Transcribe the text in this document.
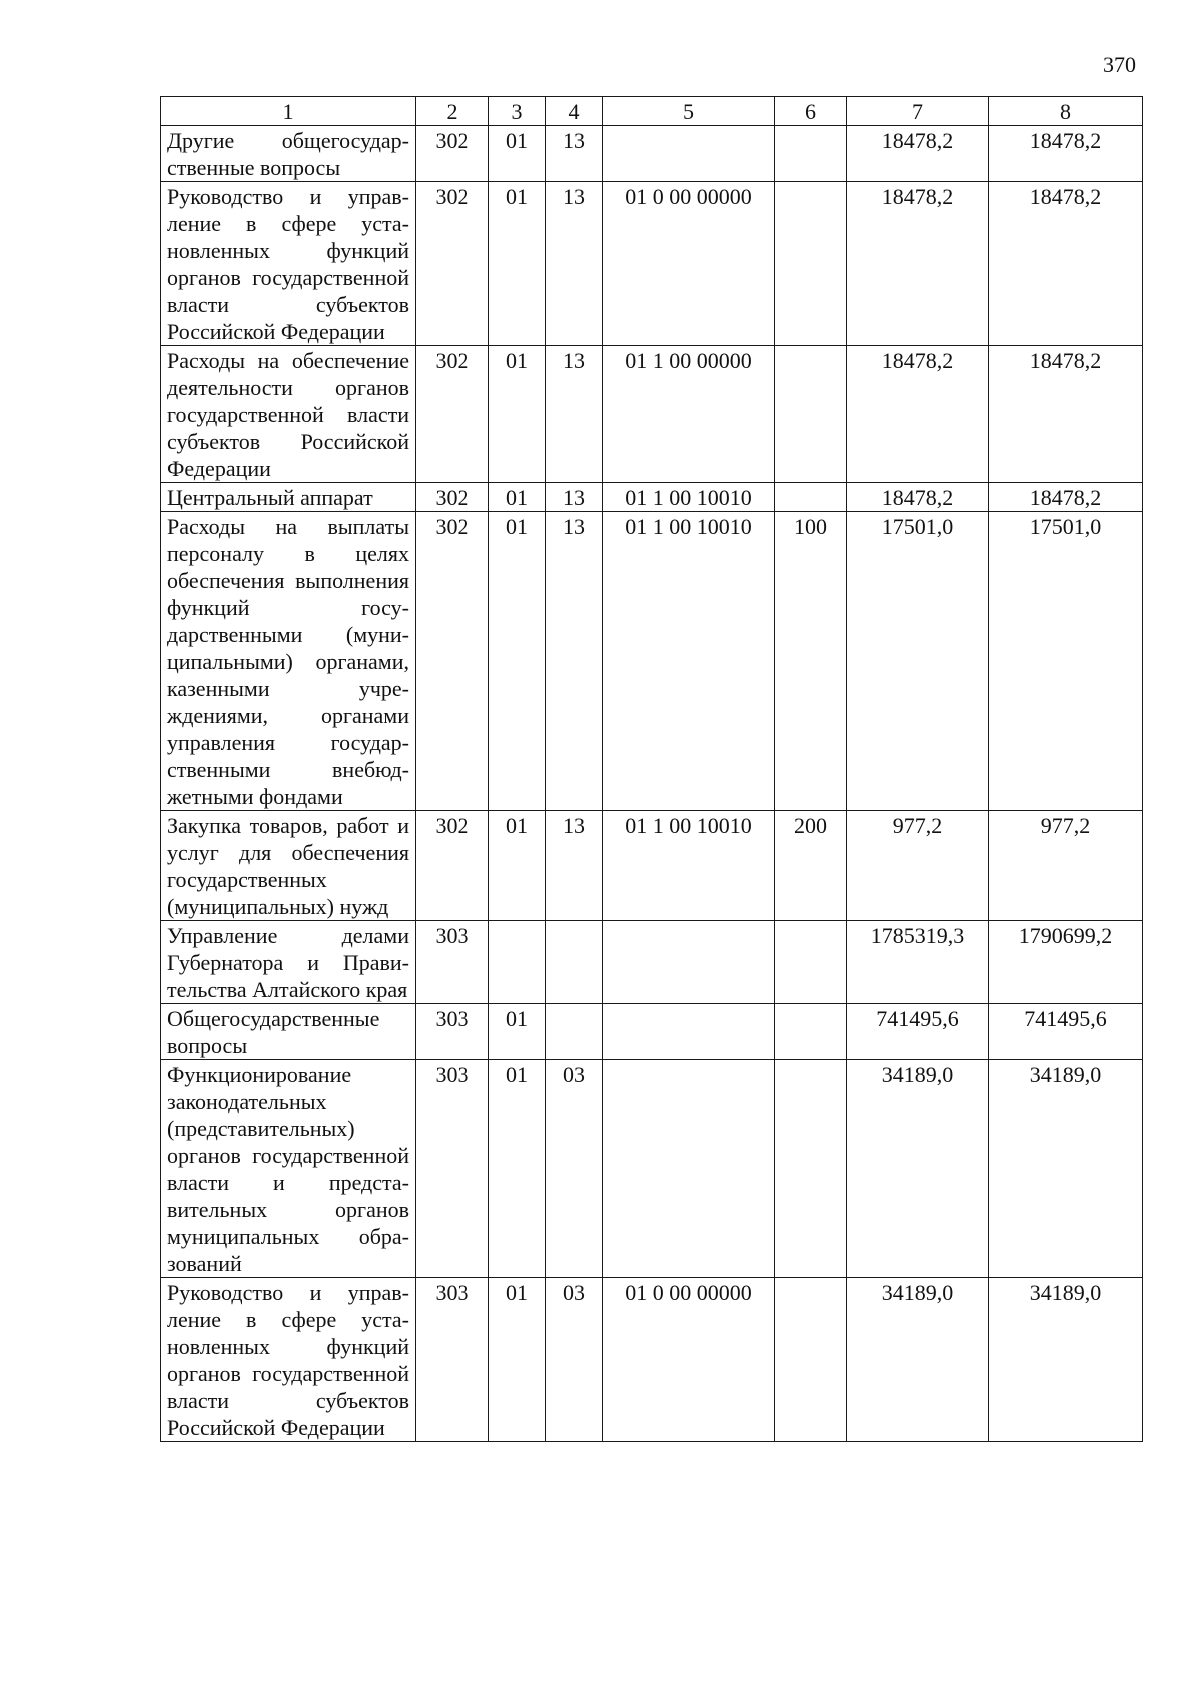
370
1	2	3	4	5	6	7	8
Другие общегосударственные вопросы	302	01	13			18478,2	18478,2
Руководство и управление в сфере установленных функций органов государственной власти субъектов Российской Федерации	302	01	13	01 0 00 00000		18478,2	18478,2
Расходы на обеспечение деятельности органов государственной власти субъектов Российской Федерации	302	01	13	01 1 00 00000		18478,2	18478,2
Центральный аппарат	302	01	13	01 1 00 10010		18478,2	18478,2
Расходы на выплаты персоналу в целях обеспечения выполнения функций государственными (муниципальными) органами, казенными учреждениями, органами управления государственными внебюджетными фондами	302	01	13	01 1 00 10010	100	17501,0	17501,0
Закупка товаров, работ и услуг для обеспечения государственных (муниципальных) нужд	302	01	13	01 1 00 10010	200	977,2	977,2
Управление делами Губернатора и Правительства Алтайского края	303					1785319,3	1790699,2
Общегосударственные вопросы	303	01				741495,6	741495,6
Функционирование законодательных (представительных) органов государственной власти и представительных органов муниципальных образований	303	01	03			34189,0	34189,0
Руководство и управление в сфере установленных функций органов государственной власти субъектов Российской Федерации	303	01	03	01 0 00 00000		34189,0	34189,0
